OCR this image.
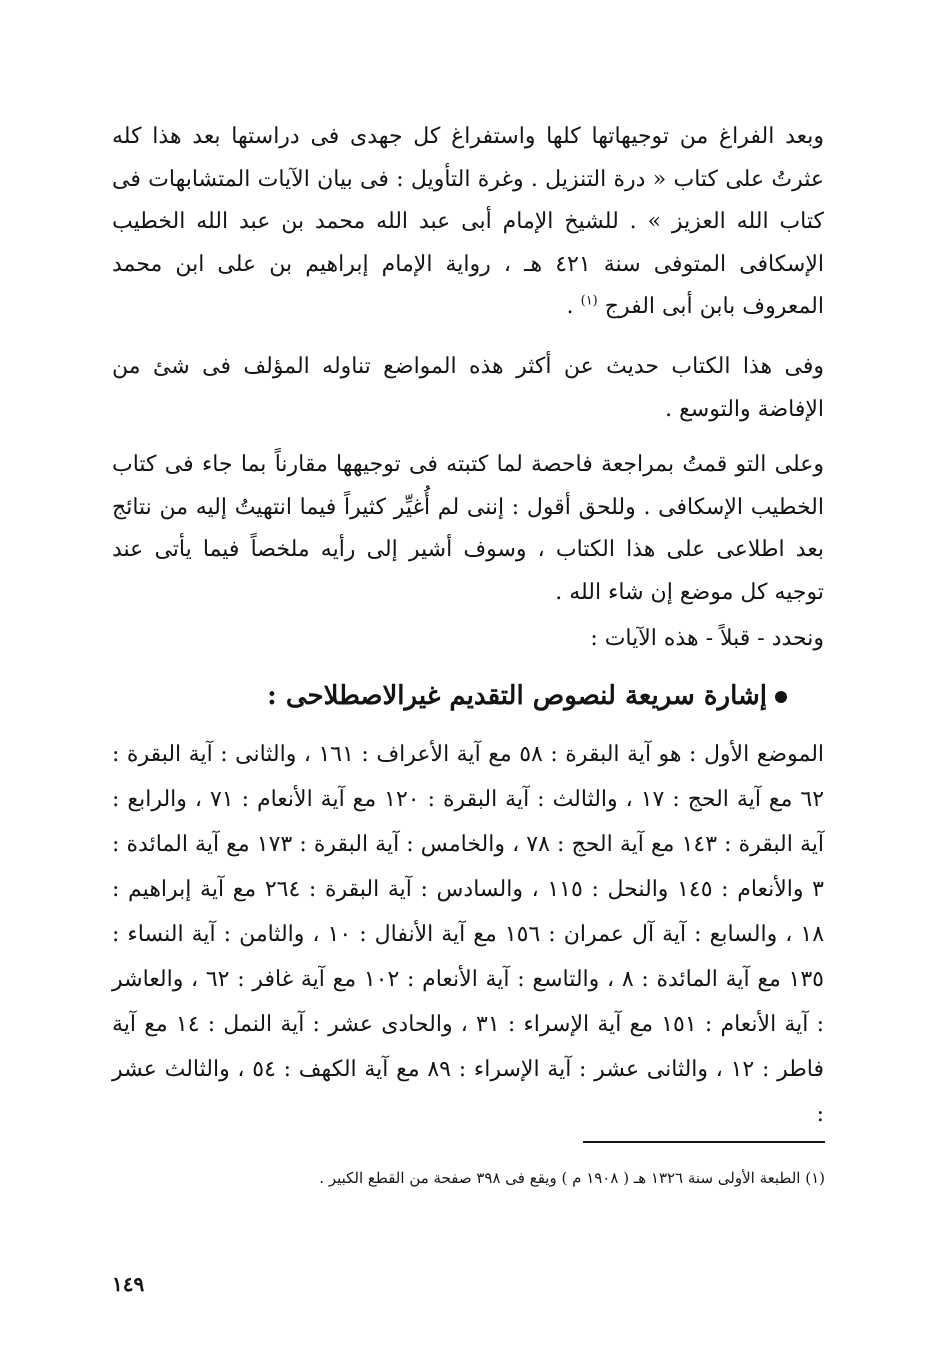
وبعد الفراغ من توجيهاتها كلها واستفراغ كل جهدى فى دراستها بعد هذا كله عثرتُ على كتاب « درة التنزيل . وغرة التأويل : فى بيان الآيات المتشابهات فى كتاب الله العزيز » . للشيخ الإمام أبى عبد الله محمد بن عبد الله الخطيب الإسكافى المتوفى سنة ٤٢١ هـ ، رواية الإمام إبراهيم بن على ابن محمد المعروف بابن أبى الفرج $^{(١)}$ .

وفى هذا الكتاب حديث عن أكثر هذه المواضع تناوله المؤلف فى شئ من الإفاضة والتوسع .

وعلى التو قمتُ بمراجعة فاحصة لما كتبته فى توجيهها مقارناً بما جاء فى كتاب الخطيب الإسكافى . وللحق أقول : إننى لم أُغيِّر كثيراً فيما انتهيتُ إليه من نتائج بعد اطلاعى على هذا الكتاب ، وسوف أشير إلى رأيه ملخصاً فيما يأتى عند توجيه كل موضع إن شاء الله .

ونحدد - قبلاً - هذه الآيات :

إشارة سريعة لنصوص التقديم غيرالاصطلاحى :

الموضع الأول : هو آية البقرة : ٥٨ مع آية الأعراف : ١٦١ ، والثانى : آية البقرة : ٦٢ مع آية الحج : ١٧ ، والثالث : آية البقرة : ١٢٠ مع آية الأنعام : ٧١ ، والرابع : آية البقرة : ١٤٣ مع آية الحج : ٧٨ ، والخامس : آية البقرة : ١٧٣ مع آية المائدة : ٣ والأنعام : ١٤٥ والنحل : ١١٥ ، والسادس : آية البقرة : ٢٦٤ مع آية إبراهيم : ١٨ ، والسابع : آية آل عمران : ١٥٦ مع آية الأنفال : ١٠ ، والثامن : آية النساء : ١٣٥ مع آية المائدة : ٨ ، والتاسع : آية الأنعام : ١٠٢ مع آية غافر : ٦٢ ، والعاشر : آية الأنعام : ١٥١ مع آية الإسراء : ٣١ ، والحادى عشر : آية النمل : ١٤ مع آية فاطر : ١٢ ، والثانى عشر : آية الإسراء : ٨٩ مع آية الكهف : ٥٤ ، والثالث عشر :

(١) الطبعة الأولى سنة ١٣٢٦ هـ ( ١٩٠٨ م ) ويقع فى ٣٩٨ صفحة من القطع الكبير .

١٤٩
